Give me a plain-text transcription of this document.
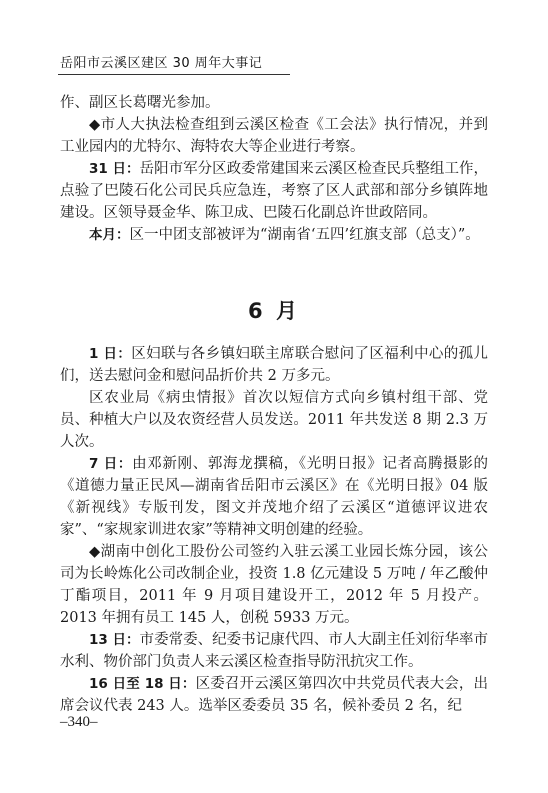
岳阳市云溪区建区 30 周年大事记

作、副区长葛曙光参加。

◆市人大执法检查组到云溪区检查《工会法》执行情况，并到工业园内的尤特尔、海特农大等企业进行考察。

31 日：岳阳市军分区政委常建国来云溪区检查民兵整组工作，点验了巴陵石化公司民兵应急连，考察了区人武部和部分乡镇阵地建设。区领导聂金华、陈卫成、巴陵石化副总许世政陪同。

本月：区一中团支部被评为“湖南省‘五四’红旗支部（总支）”。

6 月

1 日：区妇联与各乡镇妇联主席联合慰问了区福利中心的孤儿们，送去慰问金和慰问品折价共 2 万多元。

区农业局《病虫情报》首次以短信方式向乡镇村组干部、党员、种植大户以及农资经营人员发送。2011 年共发送 8 期 2.3 万人次。

7 日：由邓新刚、郭海龙撰稿，《光明日报》记者高腾摄影的《道德力量正民风—湖南省岳阳市云溪区》在《光明日报》04 版《新视线》专版刊发，图文并茂地介绍了云溪区“道德评议进农家”、“家规家训进农家”等精神文明创建的经验。

◆湖南中创化工股份公司签约入驻云溪工业园长炼分园，该公司为长岭炼化公司改制企业，投资 1.8 亿元建设 5 万吨 / 年乙酸仲丁酯项目，2011 年 9 月项目建设开工，2012 年 5 月投产。2013 年拥有员工 145 人，创税 5933 万元。

13 日：市委常委、纪委书记康代四、市人大副主任刘衍华率市水利、物价部门负责人来云溪区检查指导防汛抗灾工作。

16 日至 18 日：区委召开云溪区第四次中共党员代表大会，出席会议代表 243 人。选举区委委员 35 名，候补委员 2 名，纪

–340–
